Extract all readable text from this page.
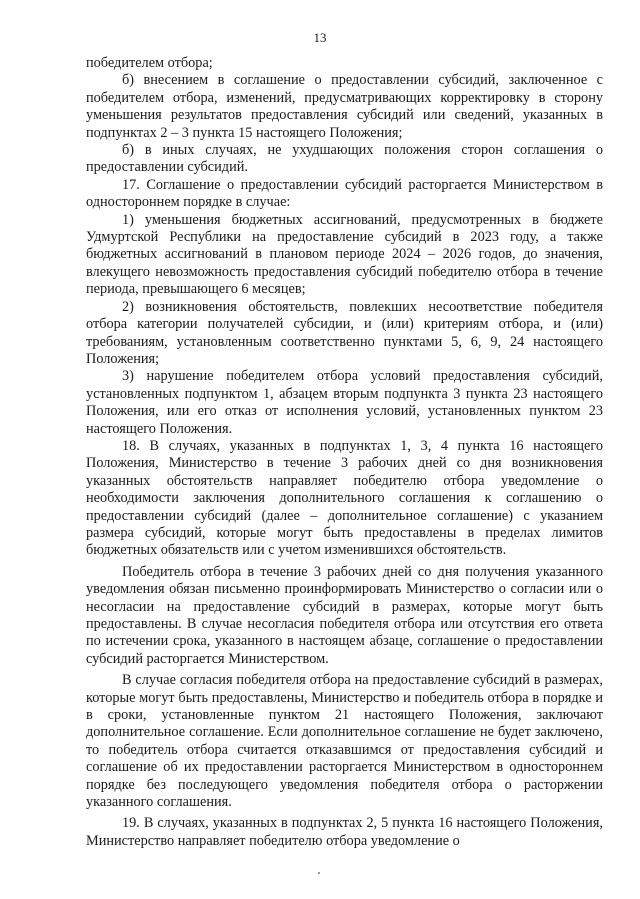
13

победителем отбора;

б) внесением в соглашение о предоставлении субсидий, заключенное с победителем отбора, изменений, предусматривающих корректировку в сторону уменьшения результатов предоставления субсидий или сведений, указанных в подпунктах 2 – 3 пункта 15 настоящего Положения;

б) в иных случаях, не ухудшающих положения сторон соглашения о предоставлении субсидий.

17. Соглашение о предоставлении субсидий расторгается Министерством в одностороннем порядке в случае:

1) уменьшения бюджетных ассигнований, предусмотренных в бюджете Удмуртской Республики на предоставление субсидий в 2023 году, а также бюджетных ассигнований в плановом периоде 2024 – 2026 годов, до значения, влекущего невозможность предоставления субсидий победителю отбора в течение периода, превышающего 6 месяцев;

2) возникновения обстоятельств, повлекших несоответствие победителя отбора категории получателей субсидии, и (или) критериям отбора, и (или) требованиям, установленным соответственно пунктами 5, 6, 9, 24 настоящего Положения;

3) нарушение победителем отбора условий предоставления субсидий, установленных подпунктом 1, абзацем вторым подпункта 3 пункта 23 настоящего Положения, или его отказ от исполнения условий, установленных пунктом 23 настоящего Положения.

18. В случаях, указанных в подпунктах 1, 3, 4 пункта 16 настоящего Положения, Министерство в течение 3 рабочих дней со дня возникновения указанных обстоятельств направляет победителю отбора уведомление о необходимости заключения дополнительного соглашения к соглашению о предоставлении субсидий (далее – дополнительное соглашение) с указанием размера субсидий, которые могут быть предоставлены в пределах лимитов бюджетных обязательств или с учетом изменившихся обстоятельств.

Победитель отбора в течение 3 рабочих дней со дня получения указанного уведомления обязан письменно проинформировать Министерство о согласии или о несогласии на предоставление субсидий в размерах, которые могут быть предоставлены. В случае несогласия победителя отбора или отсутствия его ответа по истечении срока, указанного в настоящем абзаце, соглашение о предоставлении субсидий расторгается Министерством.

В случае согласия победителя отбора на предоставление субсидий в размерах, которые могут быть предоставлены, Министерство и победитель отбора в порядке и в сроки, установленные пунктом 21 настоящего Положения, заключают дополнительное соглашение. Если дополнительное соглашение не будет заключено, то победитель отбора считается отказавшимся от предоставления субсидий и соглашение об их предоставлении расторгается Министерством в одностороннем порядке без последующего уведомления победителя отбора о расторжении указанного соглашения.

19. В случаях, указанных в подпунктах 2, 5 пункта 16 настоящего Положения, Министерство направляет победителю отбора уведомление о
